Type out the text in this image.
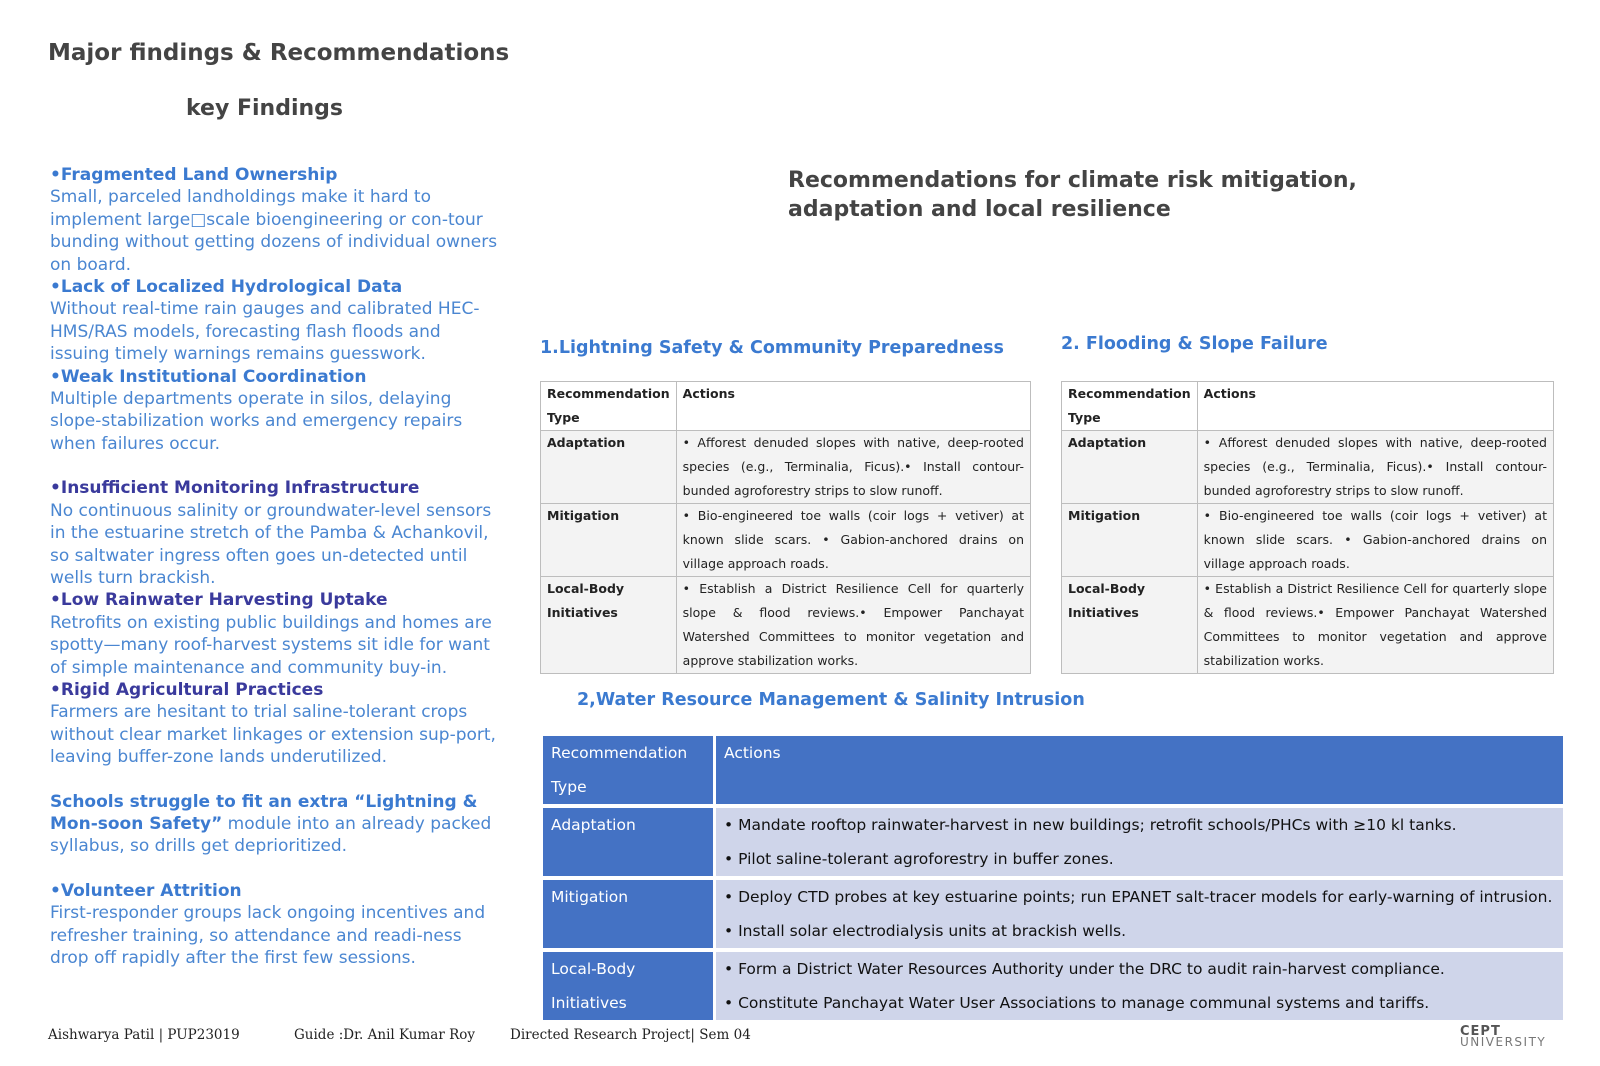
Major findings & Recommendations
key Findings

•Fragmented Land Ownership

Small, parceled landholdings make it hard to implement large□scale bioengineering or con-tour bunding without getting dozens of individual owners on board.

•Lack of Localized Hydrological Data

Without real-time rain gauges and calibrated HEC-HMS/RAS models, forecasting flash floods and issuing timely warnings remains guesswork.

•Weak Institutional Coordination

Multiple departments operate in silos, delaying slope-stabilization works and emergency repairs when failures occur.

•Insufficient Monitoring Infrastructure

No continuous salinity or groundwater-level sensors in the estuarine stretch of the Pamba & Achankovil, so saltwater ingress often goes un-detected until wells turn brackish.

•Low Rainwater Harvesting Uptake

Retrofits on existing public buildings and homes are spotty—many roof-harvest systems sit idle for want of simple maintenance and community buy-in.

•Rigid Agricultural Practices

Farmers are hesitant to trial saline-tolerant crops without clear market linkages or extension sup-port, leaving buffer-zone lands underutilized.

Schools struggle to fit an extra “Lightning & Mon-soon Safety” module into an already packed syllabus, so drills get deprioritized.

•Volunteer Attrition

First-responder groups lack ongoing incentives and refresher training, so attendance and readi-ness drop off rapidly after the first few sessions.

Recommendations for climate risk mitigation, adaptation and local resilience
1.Lightning Safety & Community Preparedness
Recommendation Type	Actions
Adaptation	• Afforest denuded slopes with native, deep-rooted species (e.g., Terminalia, Ficus).• Install contour-bunded agroforestry strips to slow runoff.
Mitigation	• Bio-engineered toe walls (coir logs + vetiver) at known slide scars. • Gabion-anchored drains on village approach roads.
Local-Body Initiatives	• Establish a District Resilience Cell for quarterly slope & flood reviews.• Empower Panchayat Watershed Committees to monitor vegetation and approve stabilization works.
2. Flooding & Slope Failure
Recommendation Type	Actions
Adaptation	• Afforest denuded slopes with native, deep-rooted species (e.g., Terminalia, Ficus).• Install contour-bunded agroforestry strips to slow runoff.
Mitigation	• Bio-engineered toe walls (coir logs + vetiver) at known slide scars. • Gabion-anchored drains on village approach roads.
Local-Body Initiatives	• Establish a District Resilience Cell for quarterly slope & flood reviews.• Empower Panchayat Watershed Committees to monitor vegetation and approve stabilization works.
2,Water Resource Management & Salinity Intrusion
Recommendation Type	Actions
Adaptation	• Mandate rooftop rainwater-harvest in new buildings; retrofit schools/PHCs with ≥10 kl tanks.
• Pilot saline-tolerant agroforestry in buffer zones.

Mitigation	• Deploy CTD probes at key estuarine points; run EPANET salt-tracer models for early-warning of intrusion.
• Install solar electrodialysis units at brackish wells.

Local-Body Initiatives	• Form a District Water Resources Authority under the DRC to audit rain-harvest compliance.
• Constitute Panchayat Water User Associations to manage communal systems and tariffs.
Aishwarya Patil | PUP23019	Guide :Dr. Anil Kumar Roy	Directed Research Project| Sem 04	CEPT
UNIVERSITY
